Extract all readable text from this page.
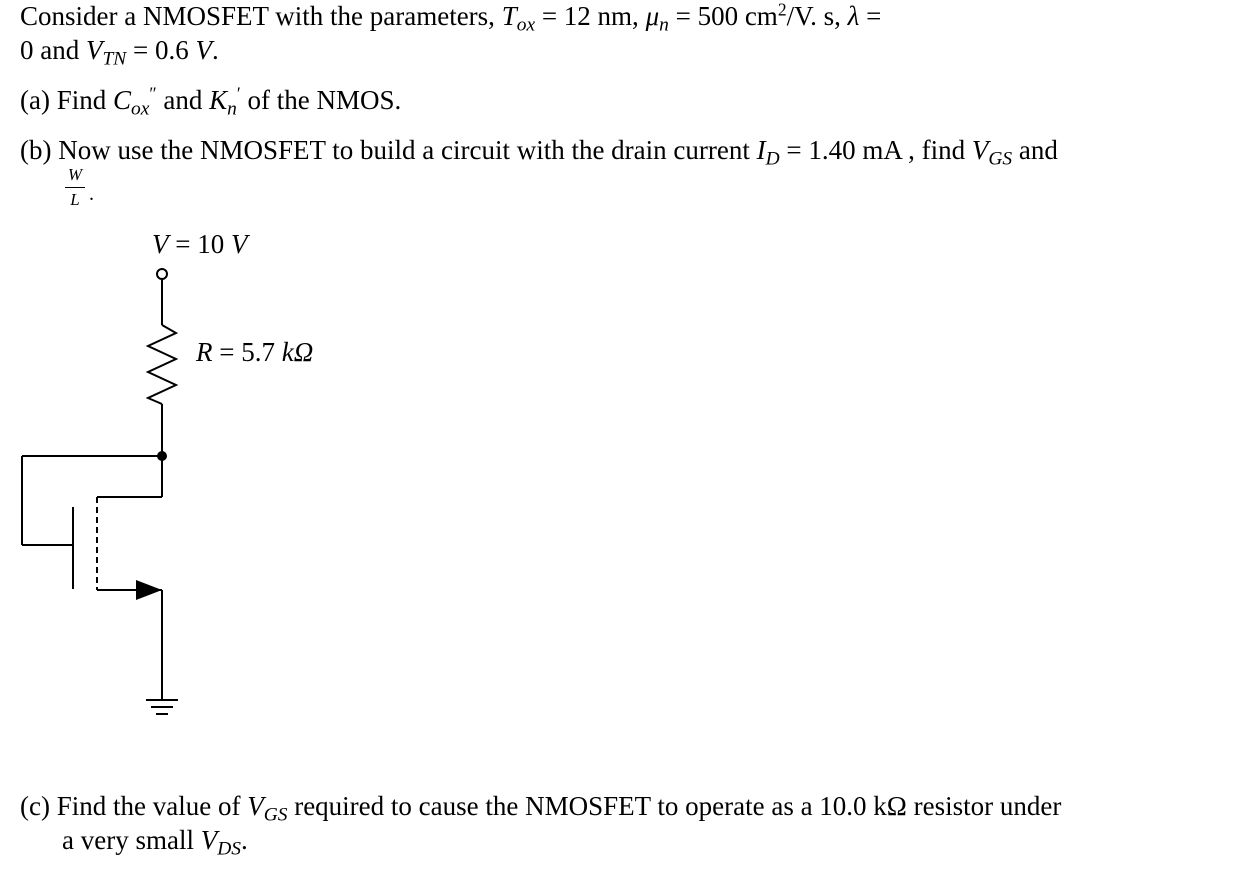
Consider a NMOSFET with the parameters, $T_{ox} = 12$ nm, $\mu_n = 500$ $cm^2/V$. s, λ =
0 and $V_{TN} = 0.6$ V.
(a) Find $C_{ox}''$ and $K_n'$ of the NMOS.
(b) Now use the NMOSFET to build a circuit with the drain current $I_D = 1.40$ mA , find $V_{GS}$ and
W
L .
V = 10 V
R = 5.7 kΩ
(c) Find the value of $V_{GS}$ required to cause the NMOSFET to operate as a 10.0 kΩ resistor under
a very small $V_{DS}$.
